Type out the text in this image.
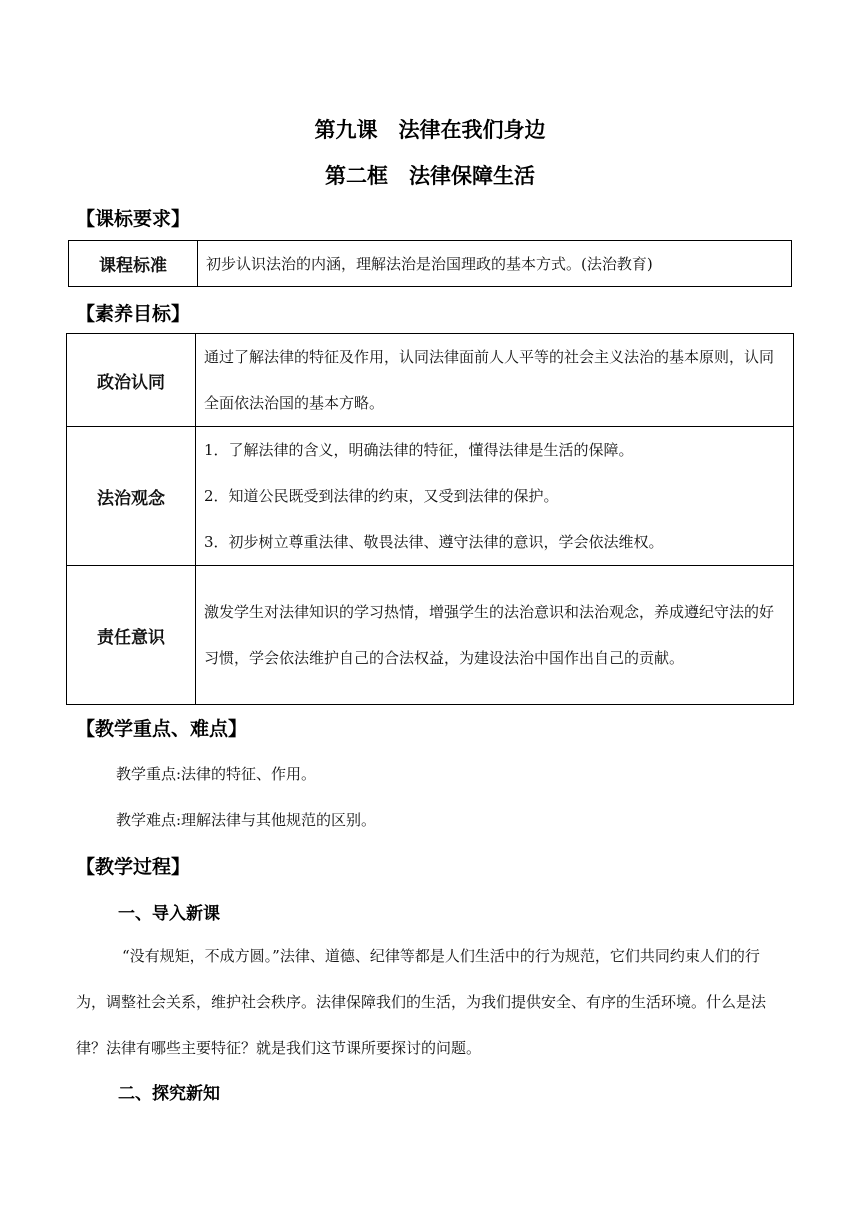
第九课　法律在我们身边
第二框　法律保障生活
【课标要求】
课程标准	初步认识法治的内涵，理解法治是治国理政的基本方式。(法治教育)
【素养目标】
政治认同	通过了解法律的特征及作用，认同法律面前人人平等的社会主义法治的基本原则，认同全面依法治国的基本方略。

法治观念	1．了解法律的含义，明确法律的特征，懂得法律是生活的保障。

2．知道公民既受到法律的约束，又受到法律的保护。

3．初步树立尊重法律、敬畏法律、遵守法律的意识，学会依法维权。

责任意识	激发学生对法律知识的学习热情，增强学生的法治意识和法治观念，养成遵纪守法的好习惯，学会依法维护自己的合法权益，为建设法治中国作出自己的贡献。

【教学重点、难点】
教学重点:法律的特征、作用。
教学难点:理解法律与其他规范的区别。
【教学过程】
一、导入新课
“没有规矩，不成方圆。”法律、道德、纪律等都是人们生活中的行为规范，它们共同约束人们的行为，调整社会关系，维护社会秩序。法律保障我们的生活，为我们提供安全、有序的生活环境。什么是法律？法律有哪些主要特征？就是我们这节课所要探讨的问题。
二、探究新知
